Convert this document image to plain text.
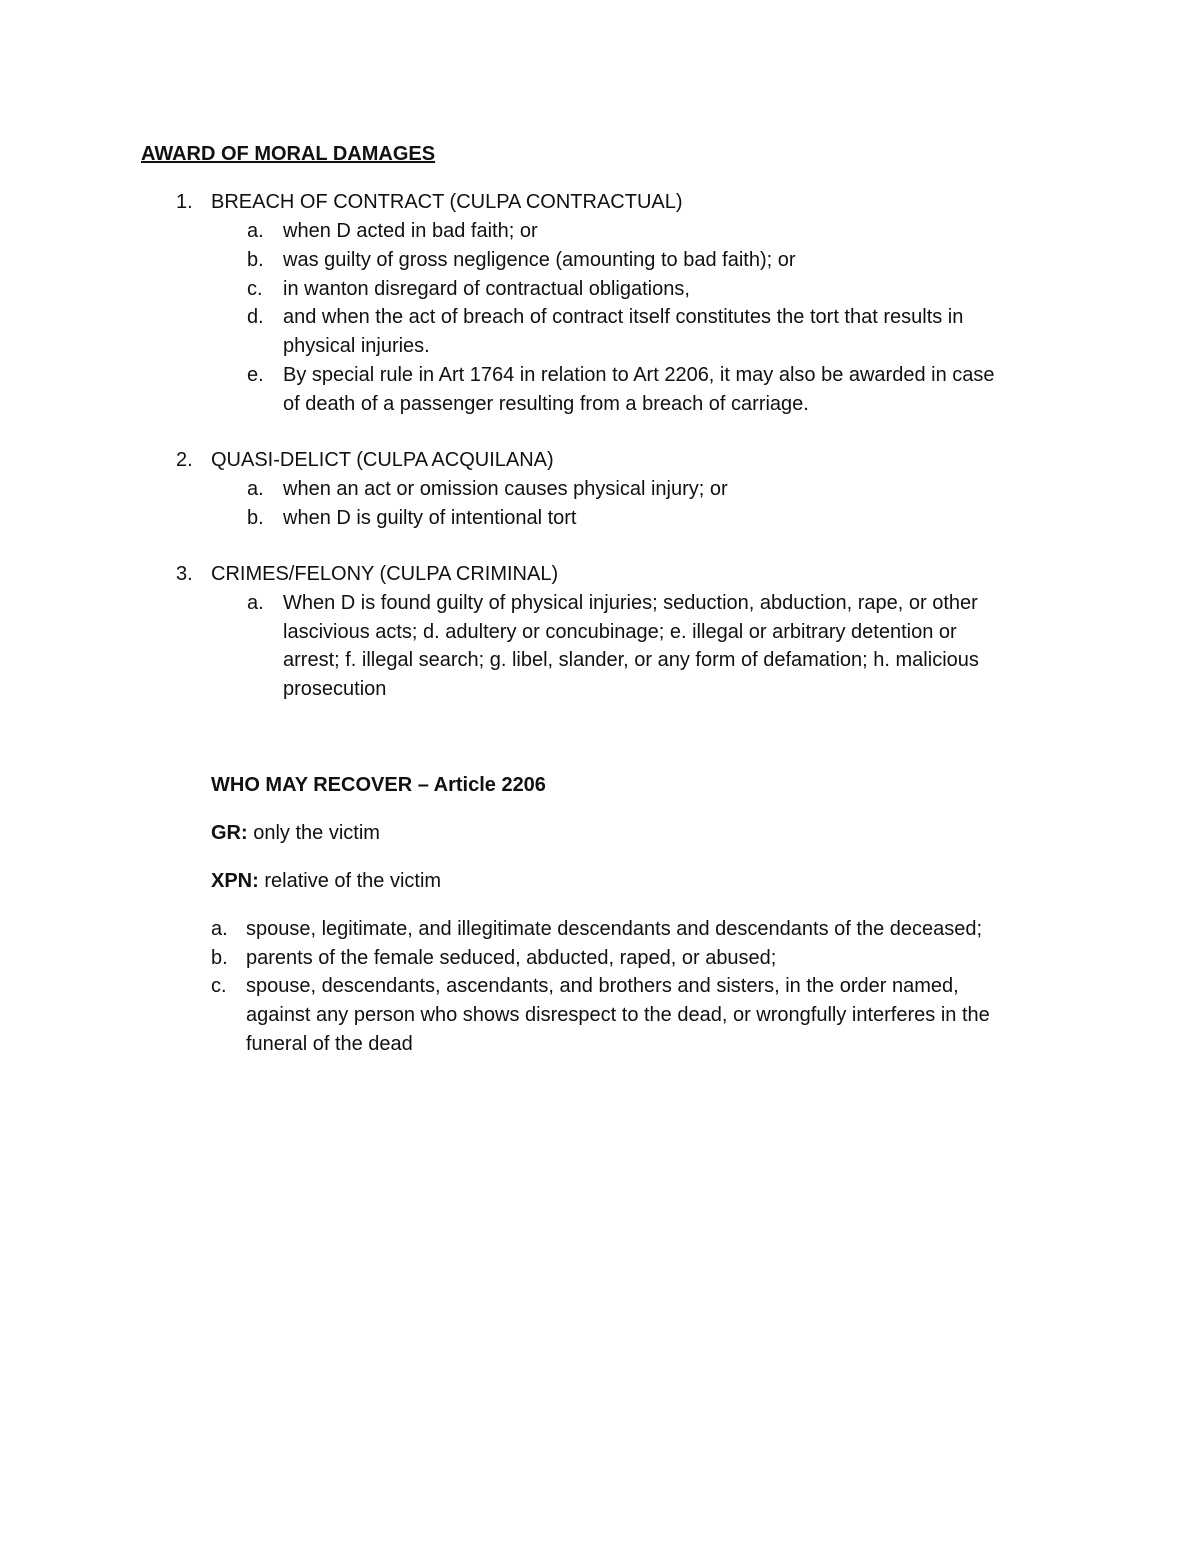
AWARD OF MORAL DAMAGES
1. BREACH OF CONTRACT (CULPA CONTRACTUAL)
a. when D acted in bad faith; or
b. was guilty of gross negligence (amounting to bad faith); or
c. in wanton disregard of contractual obligations,
d. and when the act of breach of contract itself constitutes the tort that results in
physical injuries.
e. By special rule in Art 1764 in relation to Art 2206, it may also be awarded in case
of death of a passenger resulting from a breach of carriage.
2. QUASI-DELICT (CULPA ACQUILANA)
a. when an act or omission causes physical injury; or
b. when D is guilty of intentional tort
3. CRIMES/FELONY (CULPA CRIMINAL)
a. When D is found guilty of physical injuries; seduction, abduction, rape, or other
lascivious acts; d. adultery or concubinage; e. illegal or arbitrary detention or
arrest; f. illegal search; g. libel, slander, or any form of defamation; h. malicious
prosecution
WHO MAY RECOVER – Article 2206
GR: only the victim
XPN: relative of the victim
a. spouse, legitimate, and illegitimate descendants and descendants of the deceased;
b. parents of the female seduced, abducted, raped, or abused;
c. spouse, descendants, ascendants, and brothers and sisters, in the order named,
against any person who shows disrespect to the dead, or wrongfully interferes in the
funeral of the dead
